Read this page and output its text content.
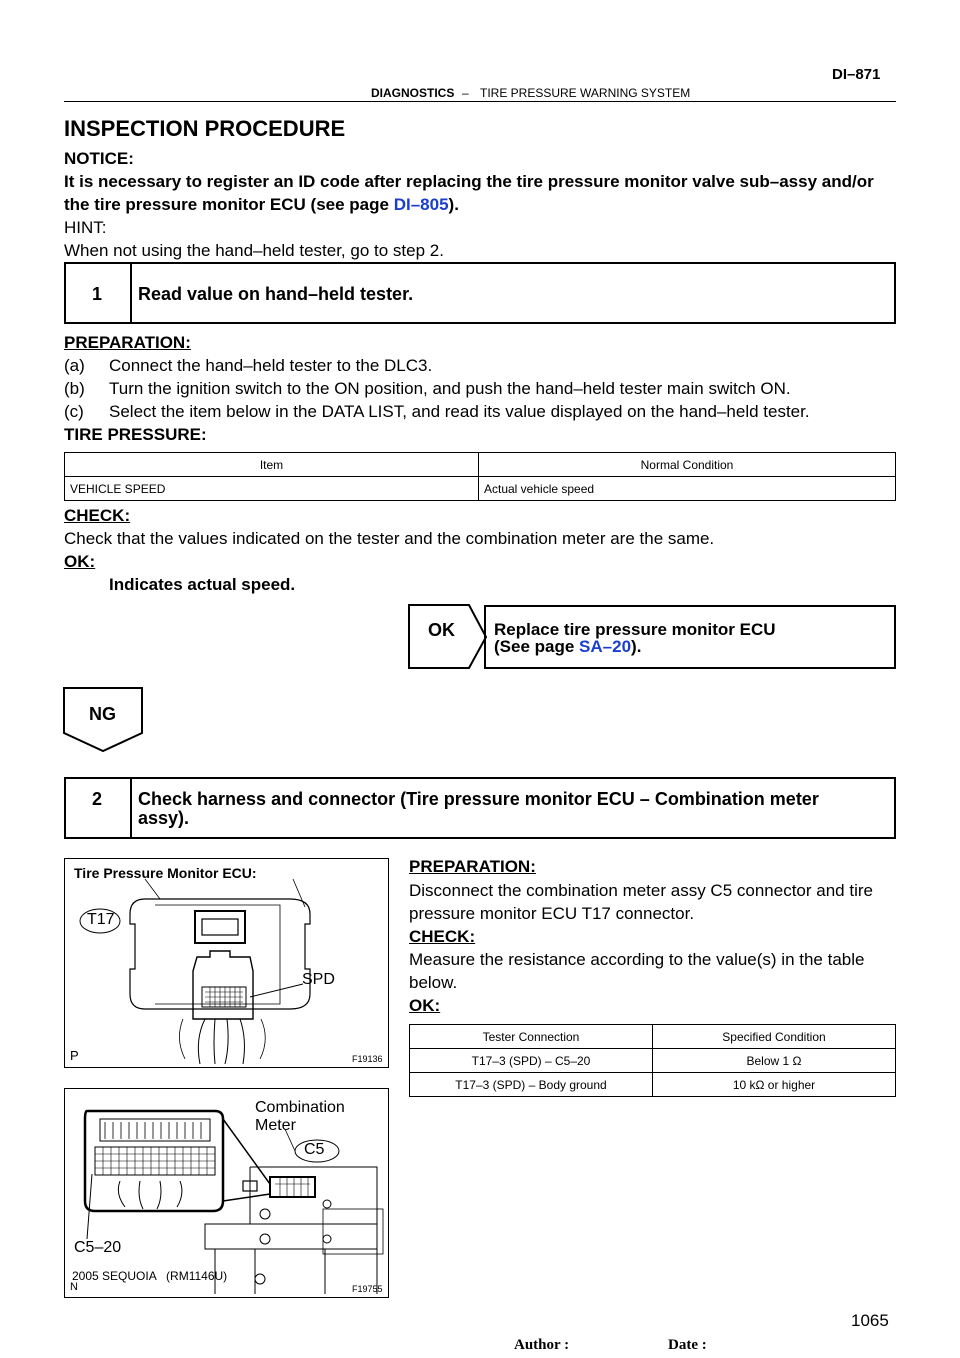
DIAGNOSTICS – TIRE PRESSURE WARNING SYSTEM
DI–871
INSPECTION PROCEDURE
NOTICE:
It is necessary to register an ID code after replacing the tire pressure monitor valve sub–assy and/or
the tire pressure monitor ECU (see page DI–805).
HINT:
When not using the hand–held tester, go to step 2.
1 Read value on hand–held tester.
PREPARATION:
(a) Connect the hand–held tester to the DLC3.
(b) Turn the ignition switch to the ON position, and push the hand–held tester main switch ON.
(c) Select the item below in the DATA LIST, and read its value displayed on the hand–held tester.
TIRE PRESSURE:
Item	Normal Condition
VEHICLE SPEED	Actual vehicle speed
CHECK:
Check that the values indicated on the tester and the combination meter are the same.
OK:
Indicates actual speed.
OK Replace tire pressure monitor ECU
(See page SA–20).
NG
2 Check harness and connector (Tire pressure monitor ECU – Combination meter
assy).
Tire Pressure Monitor ECU:
T17
SPD
P	F19136
Combination
Meter
C5
C5–20
2005 SEQUOIA   (RM1146U)
N	F19755
PREPARATION:
Disconnect the combination meter assy C5 connector and tire
pressure monitor ECU T17 connector.
CHECK:
Measure the resistance according to the value(s) in the table
below.
OK:
Tester Connection	Specified Condition
T17–3 (SPD) – C5–20	Below 1 Ω
T17–3 (SPD) – Body ground	10 kΩ or higher
Author :	Date :
1065
